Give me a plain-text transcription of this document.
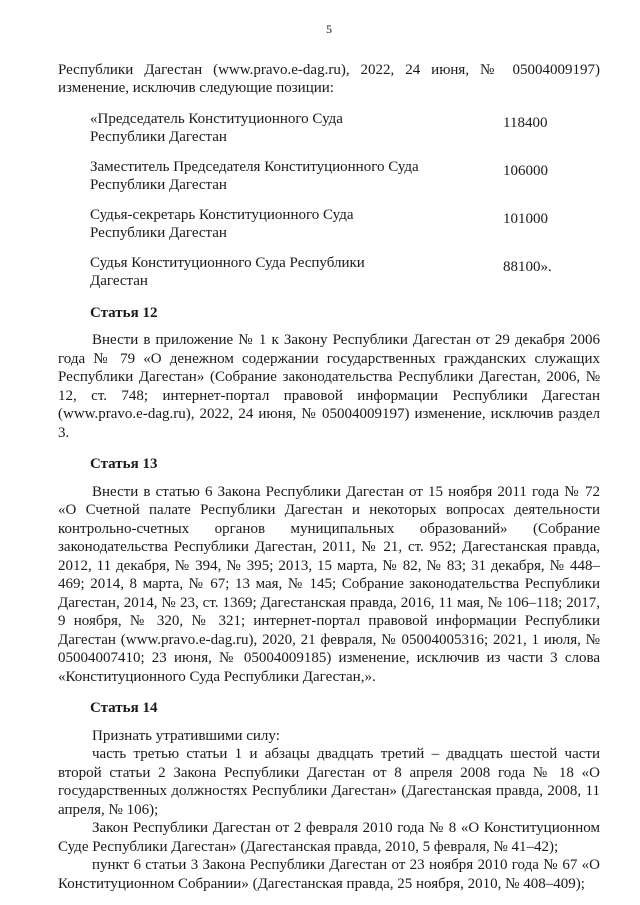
5

Республики Дагестан (www.pravo.e-dag.ru), 2022, 24 июня, № 05004009197) изменение, исключив следующие позиции:

«Председатель Конституционного Суда Республики Дагестан
118400
Заместитель Председателя Конституционного Суда Республики Дагестан
106000
Судья-секретарь Конституционного Суда Республики Дагестан
101000
Судья Конституционного Суда Республики Дагестан
88100».
Статья 12

Внести в приложение № 1 к Закону Республики Дагестан от 29 декабря 2006 года № 79 «О денежном содержании государственных гражданских служащих Республики Дагестан» (Собрание законодательства Республики Дагестан, 2006, № 12, ст. 748; интернет-портал правовой информации Республики Дагестан (www.pravo.e-dag.ru), 2022, 24 июня, № 05004009197) изменение, исключив раздел 3.

Статья 13

Внести в статью 6 Закона Республики Дагестан от 15 ноября 2011 года № 72 «О Счетной палате Республики Дагестан и некоторых вопросах деятельности контрольно-счетных органов муниципальных образований» (Собрание законодательства Республики Дагестан, 2011, № 21, ст. 952; Дагестанская правда, 2012, 11 декабря, № 394, № 395; 2013, 15 марта, № 82, № 83; 31 декабря, № 448–469; 2014, 8 марта, № 67; 13 мая, № 145; Собрание законодательства Республики Дагестан, 2014, № 23, ст. 1369; Дагестанская правда, 2016, 11 мая, № 106–118; 2017, 9 ноября, № 320, № 321; интернет-портал правовой информации Республики Дагестан (www.pravo.e-dag.ru), 2020, 21 февраля, № 05004005316; 2021, 1 июля, № 05004007410; 23 июня, № 05004009185) изменение, исключив из части 3 слова «Конституционного Суда Республики Дагестан,».

Статья 14

Признать утратившими силу:

часть третью статьи 1 и абзацы двадцать третий – двадцать шестой части второй статьи 2 Закона Республики Дагестан от 8 апреля 2008 года № 18 «О государственных должностях Республики Дагестан» (Дагестанская правда, 2008, 11 апреля, № 106);

Закон Республики Дагестан от 2 февраля 2010 года № 8 «О Конституционном Суде Республики Дагестан» (Дагестанская правда, 2010, 5 февраля, № 41–42);

пункт 6 статьи 3 Закона Республики Дагестан от 23 ноября 2010 года № 67 «О Конституционном Собрании» (Дагестанская правда, 25 ноября, 2010, № 408–409);
